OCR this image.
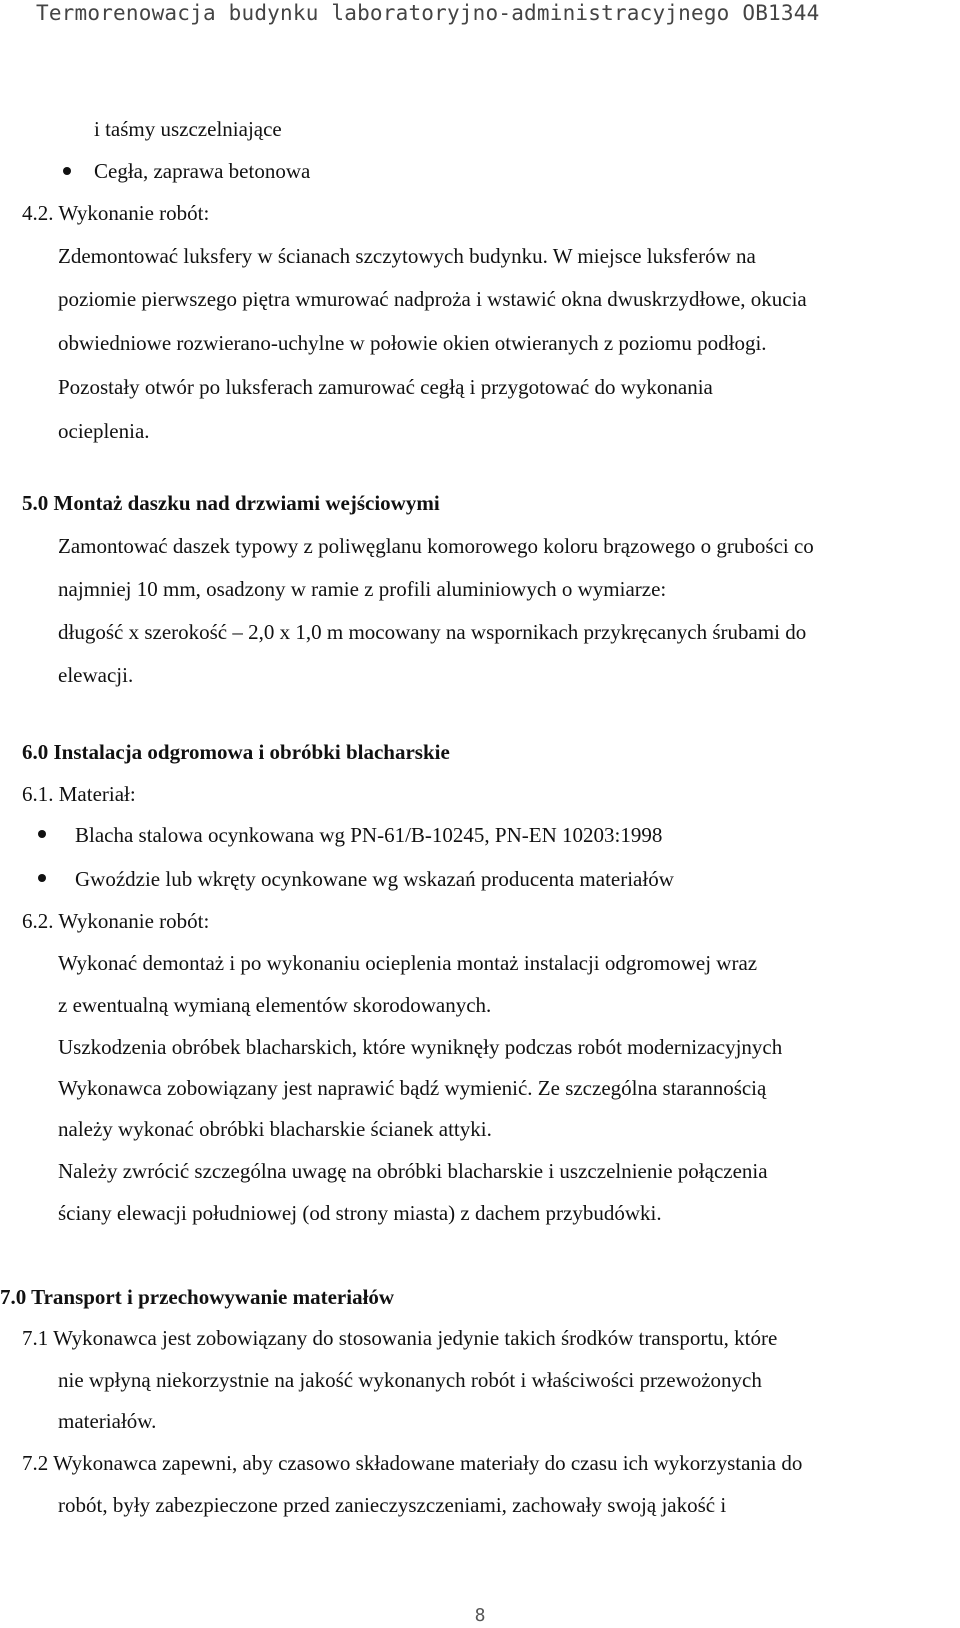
Termorenowacja budynku laboratoryjno-administracyjnego OB1344
i taśmy uszczelniające
Cegła, zaprawa betonowa
4.2. Wykonanie robót:
Zdemontować luksfery w ścianach szczytowych budynku. W miejsce luksferów na
poziomie pierwszego piętra wmurować nadproża i wstawić okna dwuskrzydłowe, okucia
obwiedniowe rozwierano-uchylne w połowie okien otwieranych z poziomu podłogi.
Pozostały otwór po luksferach zamurować cegłą i przygotować do wykonania
ocieplenia.
5.0 Montaż daszku nad drzwiami wejściowymi
Zamontować daszek typowy z poliwęglanu komorowego koloru brązowego o grubości co
najmniej 10 mm, osadzony w ramie z profili aluminiowych o wymiarze:
długość x szerokość – 2,0 x 1,0 m mocowany na wspornikach przykręcanych śrubami do
elewacji.
6.0 Instalacja odgromowa i obróbki blacharskie
6.1. Materiał:
Blacha stalowa ocynkowana wg PN-61/B-10245, PN-EN 10203:1998
Gwoździe lub wkręty ocynkowane wg wskazań producenta materiałów
6.2. Wykonanie robót:
Wykonać demontaż i po wykonaniu ocieplenia montaż instalacji odgromowej wraz
z ewentualną wymianą elementów skorodowanych.
Uszkodzenia obróbek blacharskich, które wyniknęły podczas robót modernizacyjnych
Wykonawca zobowiązany jest naprawić bądź wymienić. Ze szczególna starannością
należy wykonać obróbki blacharskie ścianek attyki.
Należy zwrócić szczególna uwagę na obróbki blacharskie i uszczelnienie połączenia
ściany elewacji południowej (od strony miasta) z dachem przybudówki.
7.0 Transport i przechowywanie materiałów
7.1 Wykonawca jest zobowiązany do stosowania jedynie takich środków transportu, które
nie wpłyną niekorzystnie na jakość wykonanych robót i właściwości przewożonych
materiałów.
7.2 Wykonawca zapewni, aby czasowo składowane materiały do czasu ich wykorzystania do
robót, były zabezpieczone przed zanieczyszczeniami, zachowały swoją jakość i
8
